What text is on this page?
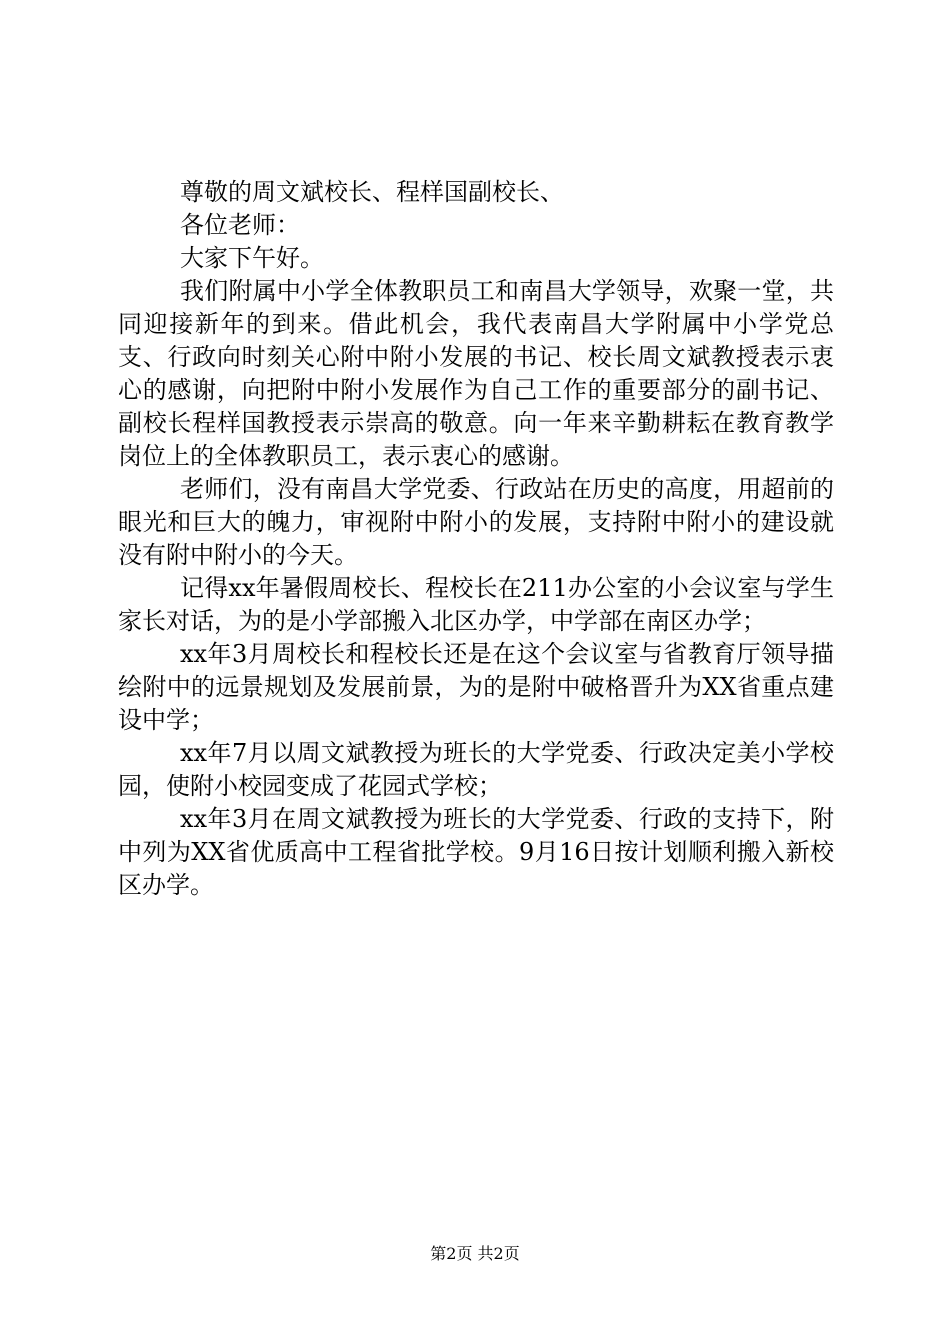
尊敬的周文斌校长、程样国副校长、

各位老师：

大家下午好。

我们附属中小学全体教职员工和南昌大学领导，欢聚一堂，共同迎接新年的到来。借此机会，我代表南昌大学附属中小学党总支、行政向时刻关心附中附小发展的书记、校长周文斌教授表示衷心的感谢，向把附中附小发展作为自己工作的重要部分的副书记、副校长程样国教授表示崇高的敬意。向一年来辛勤耕耘在教育教学岗位上的全体教职员工，表示衷心的感谢。

老师们，没有南昌大学党委、行政站在历史的高度，用超前的眼光和巨大的魄力，审视附中附小的发展，支持附中附小的建设就没有附中附小的今天。

记得xx年暑假周校长、程校长在211办公室的小会议室与学生家长对话，为的是小学部搬入北区办学，中学部在南区办学；

xx年3月周校长和程校长还是在这个会议室与省教育厅领导描绘附中的远景规划及发展前景，为的是附中破格晋升为XX省重点建设中学；

xx年7月以周文斌教授为班长的大学党委、行政决定美小学校园，使附小校园变成了花园式学校；

xx年3月在周文斌教授为班长的大学党委、行政的支持下，附中列为XX省优质高中工程省批学校。9月16日按计划顺利搬入新校区办学。

第2页 共2页
